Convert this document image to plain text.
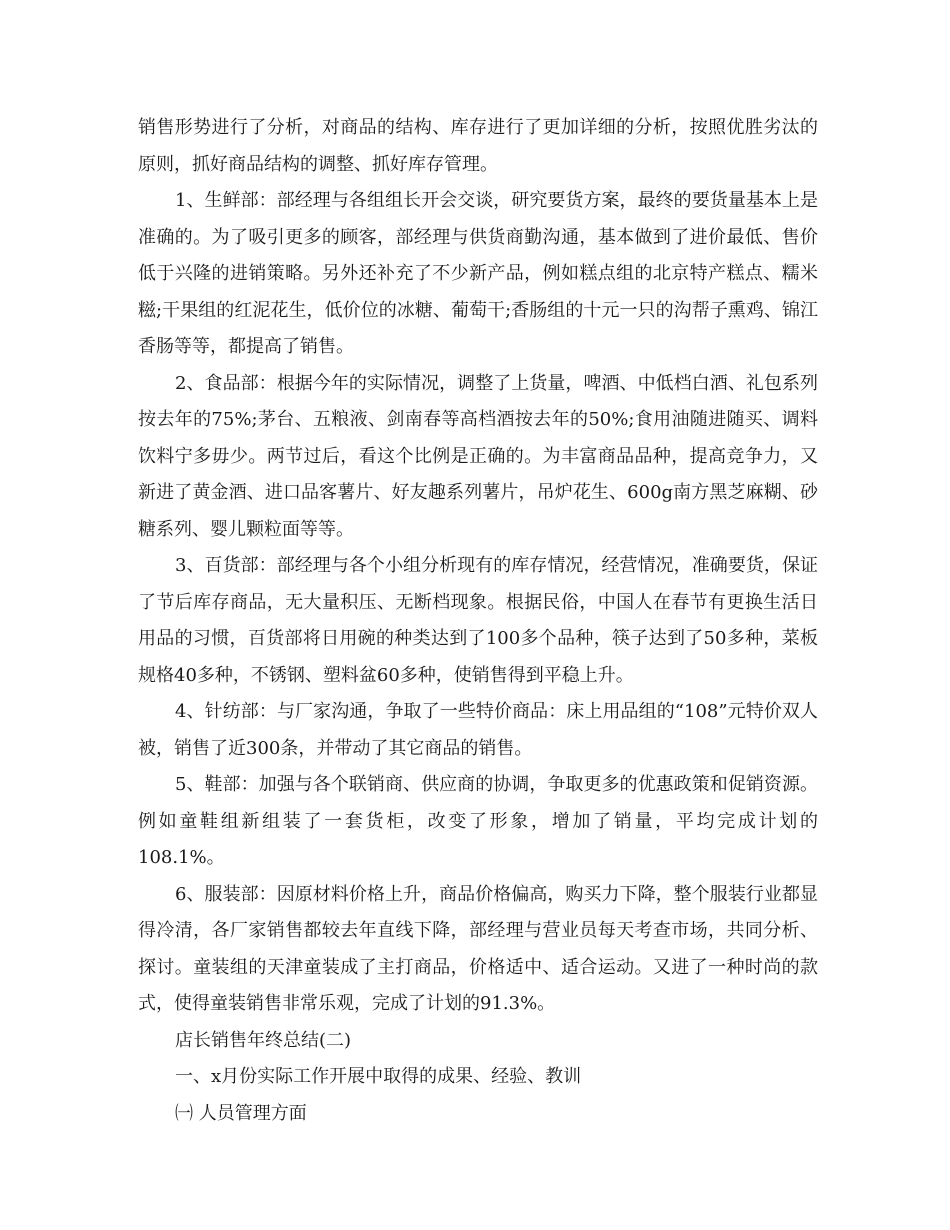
销售形势进行了分析，对商品的结构、库存进行了更加详细的分析，按照优胜劣汰的原则，抓好商品结构的调整、抓好库存管理。

1、生鲜部：部经理与各组组长开会交谈，研究要货方案，最终的要货量基本上是准确的。为了吸引更多的顾客，部经理与供货商勤沟通，基本做到了进价最低、售价低于兴隆的进销策略。另外还补充了不少新产品，例如糕点组的北京特产糕点、糯米糍;干果组的红泥花生，低价位的冰糖、葡萄干;香肠组的十元一只的沟帮子熏鸡、锦江香肠等等，都提高了销售。

2、食品部：根据今年的实际情况，调整了上货量，啤酒、中低档白酒、礼包系列按去年的75%;茅台、五粮液、剑南春等高档酒按去年的50%;食用油随进随买、调料饮料宁多毋少。两节过后，看这个比例是正确的。为丰富商品品种，提高竞争力，又新进了黄金酒、进口品客薯片、好友趣系列薯片，吊炉花生、600g南方黑芝麻糊、砂糖系列、婴儿颗粒面等等。

3、百货部：部经理与各个小组分析现有的库存情况，经营情况，准确要货，保证了节后库存商品，无大量积压、无断档现象。根据民俗，中国人在春节有更换生活日用品的习惯，百货部将日用碗的种类达到了100多个品种，筷子达到了50多种，菜板规格40多种，不锈钢、塑料盆60多种，使销售得到平稳上升。

4、针纺部：与厂家沟通，争取了一些特价商品：床上用品组的“108”元特价双人被，销售了近300条，并带动了其它商品的销售。

5、鞋部：加强与各个联销商、供应商的协调，争取更多的优惠政策和促销资源。例如童鞋组新组装了一套货柜，改变了形象，增加了销量，平均完成计划的108.1%。

6、服装部：因原材料价格上升，商品价格偏高，购买力下降，整个服装行业都显得冷清，各厂家销售都较去年直线下降，部经理与营业员每天考查市场，共同分析、探讨。童装组的天津童装成了主打商品，价格适中、适合运动。又进了一种时尚的款式，使得童装销售非常乐观，完成了计划的91.3%。

店长销售年终总结(二)

一、x月份实际工作开展中取得的成果、经验、教训

㈠ 人员管理方面
